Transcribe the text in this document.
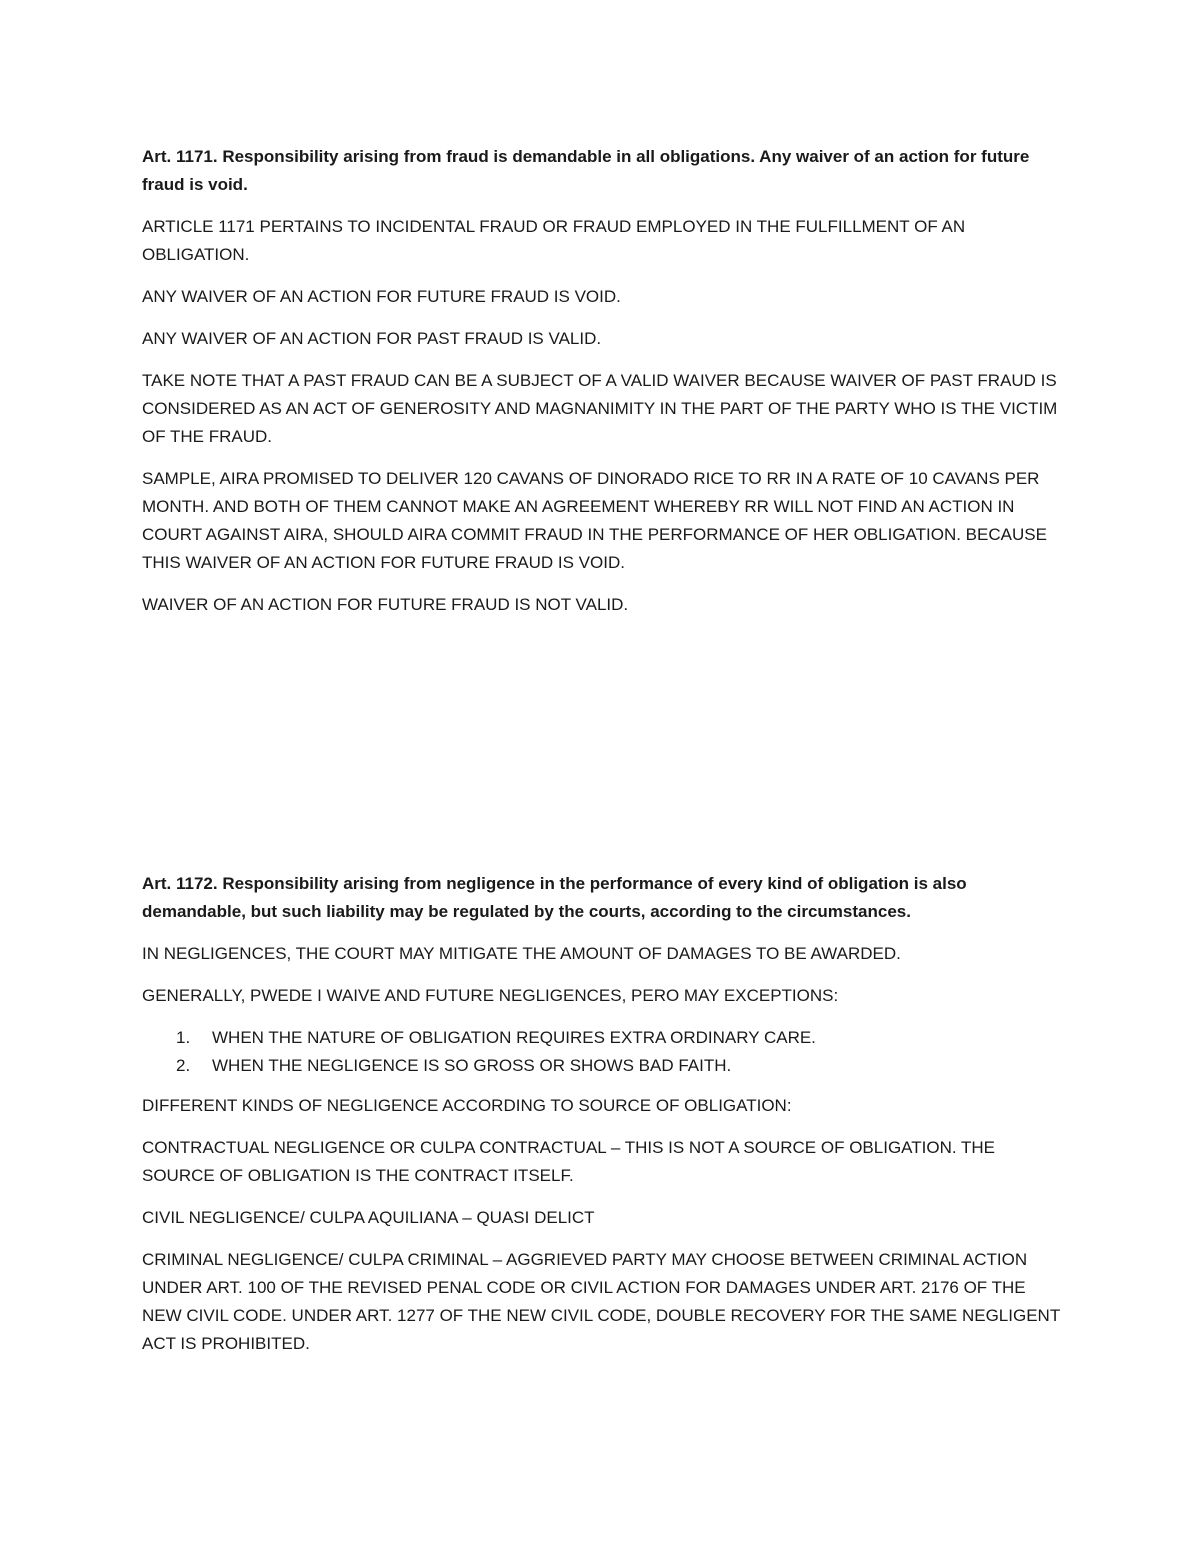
Art. 1171. Responsibility arising from fraud is demandable in all obligations. Any waiver of an action for future fraud is void.

ARTICLE 1171 PERTAINS TO INCIDENTAL FRAUD OR FRAUD EMPLOYED IN THE FULFILLMENT OF AN OBLIGATION.

ANY WAIVER OF AN ACTION FOR FUTURE FRAUD IS VOID.

ANY WAIVER OF AN ACTION FOR PAST FRAUD IS VALID.

TAKE NOTE THAT A PAST FRAUD CAN BE A SUBJECT OF A VALID WAIVER BECAUSE WAIVER OF PAST FRAUD IS CONSIDERED AS AN ACT OF GENEROSITY AND MAGNANIMITY IN THE PART OF THE PARTY WHO IS THE VICTIM OF THE FRAUD.

SAMPLE, AIRA PROMISED TO DELIVER 120 CAVANS OF DINORADO RICE TO RR IN A RATE OF 10 CAVANS PER MONTH. AND BOTH OF THEM CANNOT MAKE AN AGREEMENT WHEREBY RR WILL NOT FIND AN ACTION IN COURT AGAINST AIRA, SHOULD AIRA COMMIT FRAUD IN THE PERFORMANCE OF HER OBLIGATION. BECAUSE THIS WAIVER OF AN ACTION FOR FUTURE FRAUD IS VOID.

WAIVER OF AN ACTION FOR FUTURE FRAUD IS NOT VALID.

Art. 1172. Responsibility arising from negligence in the performance of every kind of obligation is also demandable, but such liability may be regulated by the courts, according to the circumstances.

IN NEGLIGENCES, THE COURT MAY MITIGATE THE AMOUNT OF DAMAGES TO BE AWARDED.

GENERALLY, PWEDE I WAIVE AND FUTURE NEGLIGENCES, PERO MAY EXCEPTIONS:

1.	WHEN THE NATURE OF OBLIGATION REQUIRES EXTRA ORDINARY CARE.
2.	WHEN THE NEGLIGENCE IS SO GROSS OR SHOWS BAD FAITH.

DIFFERENT KINDS OF NEGLIGENCE ACCORDING TO SOURCE OF OBLIGATION:

CONTRACTUAL NEGLIGENCE OR CULPA CONTRACTUAL – THIS IS NOT A SOURCE OF OBLIGATION. THE SOURCE OF OBLIGATION IS THE CONTRACT ITSELF.

CIVIL NEGLIGENCE/ CULPA AQUILIANA – QUASI DELICT

CRIMINAL NEGLIGENCE/ CULPA CRIMINAL – AGGRIEVED PARTY MAY CHOOSE BETWEEN CRIMINAL ACTION UNDER ART. 100 OF THE REVISED PENAL CODE OR CIVIL ACTION FOR DAMAGES UNDER ART. 2176 OF THE NEW CIVIL CODE. UNDER ART. 1277 OF THE NEW CIVIL CODE, DOUBLE RECOVERY FOR THE SAME NEGLIGENT ACT IS PROHIBITED.
